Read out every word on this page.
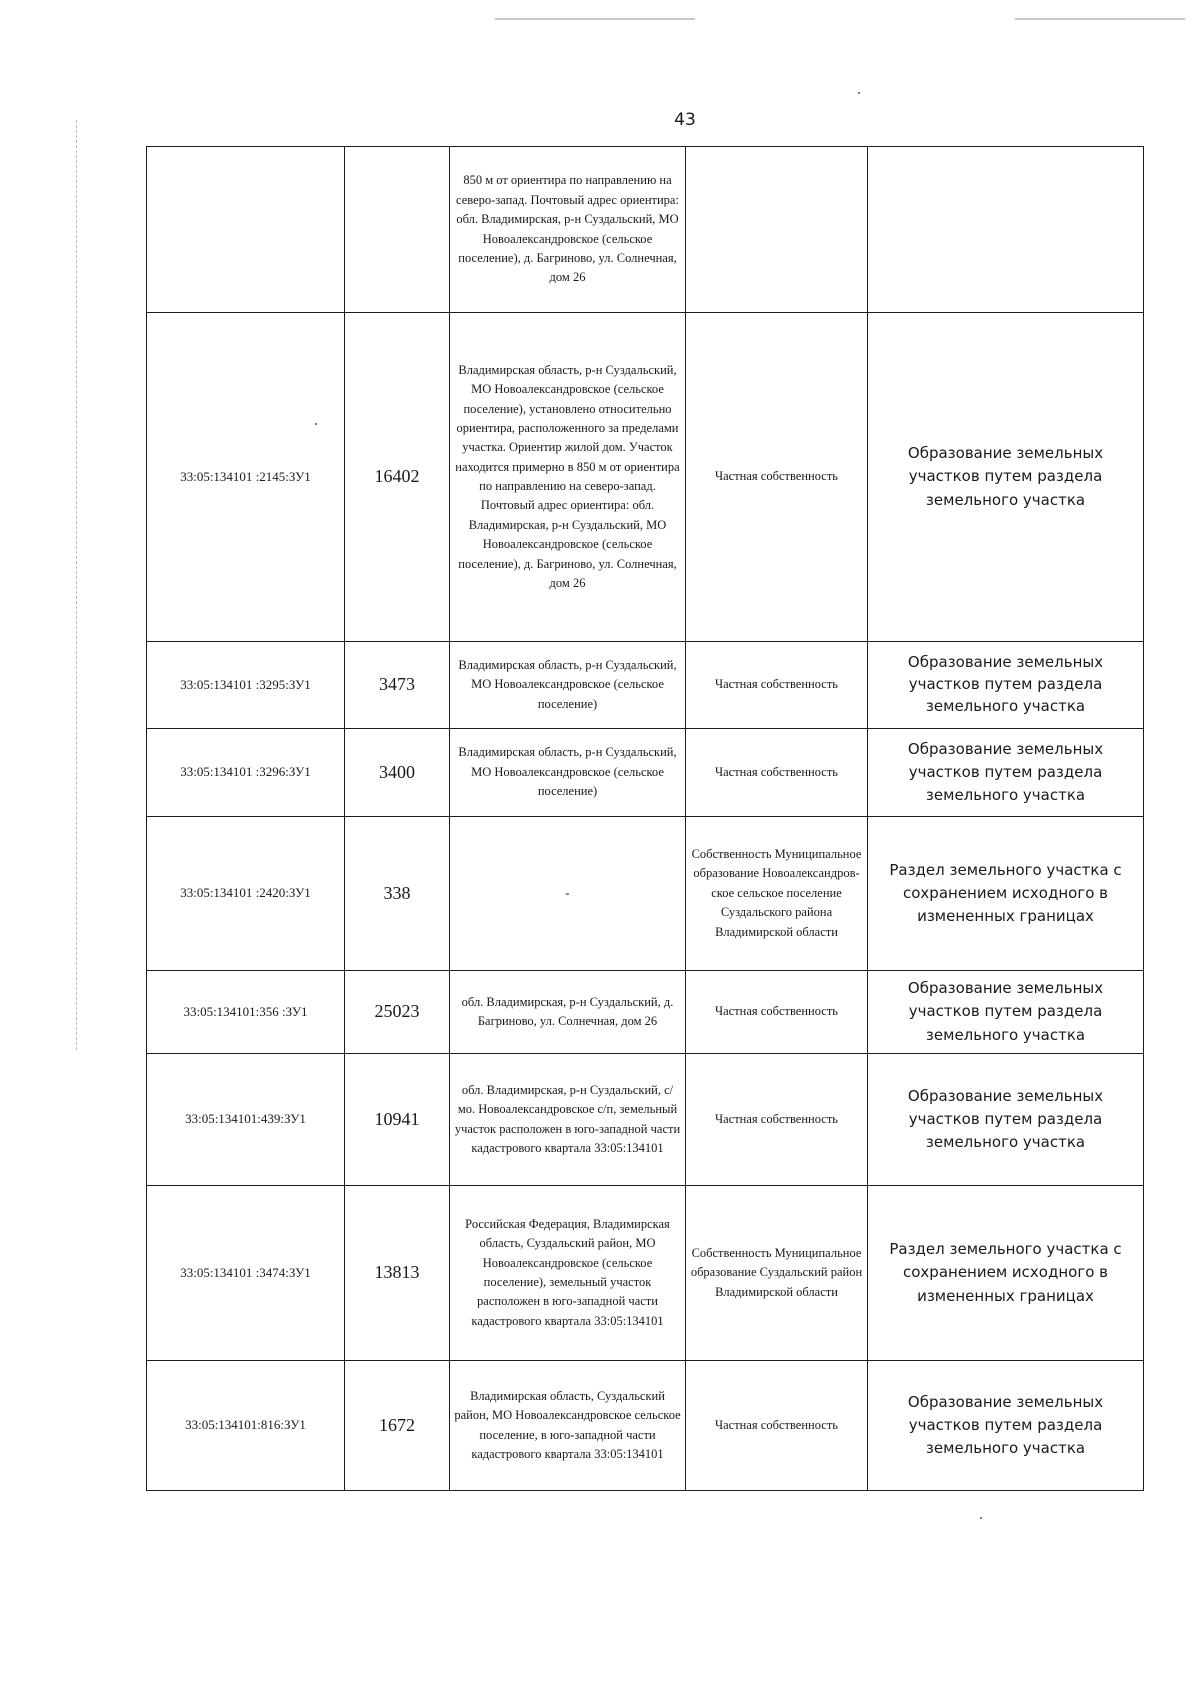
43
		850 м от ориентира по направлению на северо-запад. Почтовый адрес ориентира: обл. Владимирская, р-н Суздальский, МО Новоалександровское (сельское поселение), д. Багриново, ул. Солнечная, дом 26		
33:05:134101 :2145:ЗУ1	16402	Владимирская область, р-н Суздальский, МО Новоалександровское (сельское поселение), установлено относительно ориентира, расположенного за пределами участка. Ориентир жилой дом. Участок находится примерно в 850 м от ориентира по направлению на северо-запад. Почтовый адрес ориентира: обл. Владимирская, р-н Суздальский, МО Новоалександровское (сельское поселение), д. Багриново, ул. Солнечная, дом 26	Частная собственность	Образование земельных участков путем раздела земельного участка
33:05:134101 :3295:ЗУ1	3473	Владимирская область, р-н Суздальский, МО Новоалександровское (сельское поселение)	Частная собственность	Образование земельных участков путем раздела земельного участка
33:05:134101 :3296:ЗУ1	3400	Владимирская область, р-н Суздальский, МО Новоалександровское (сельское поселение)	Частная собственность	Образование земельных участков путем раздела земельного участка
33:05:134101 :2420:ЗУ1	338	-	Собственность Муниципальное образование Новоалександров-ское сельское поселение Суздальского района Владимирской области	Раздел земельного участка с сохранением исходного в измененных границах
33:05:134101:356 :ЗУ1	25023	обл. Владимирская, р-н Суздальский, д. Багриново, ул. Солнечная, дом 26	Частная собственность	Образование земельных участков путем раздела земельного участка
33:05:134101:439:ЗУ1	10941	обл. Владимирская, р-н Суздальский, с/мо. Новоалександровское с/п, земельный участок расположен в юго-западной части кадастрового квартала 33:05:134101	Частная собственность	Образование земельных участков путем раздела земельного участка
33:05:134101 :3474:ЗУ1	13813	Российская Федерация, Владимирская область, Суздальский район, МО Новоалександровское (сельское поселение), земельный участок расположен в юго-западной части кадастрового квартала 33:05:134101	Собственность Муниципальное образование Суздальский район Владимирской области	Раздел земельного участка с сохранением исходного в измененных границах
33:05:134101:816:ЗУ1	1672	Владимирская область, Суздальский район, МО Новоалександровское сельское поселение, в юго-западной части кадастрового квартала 33:05:134101	Частная собственность	Образование земельных участков путем раздела земельного участка
